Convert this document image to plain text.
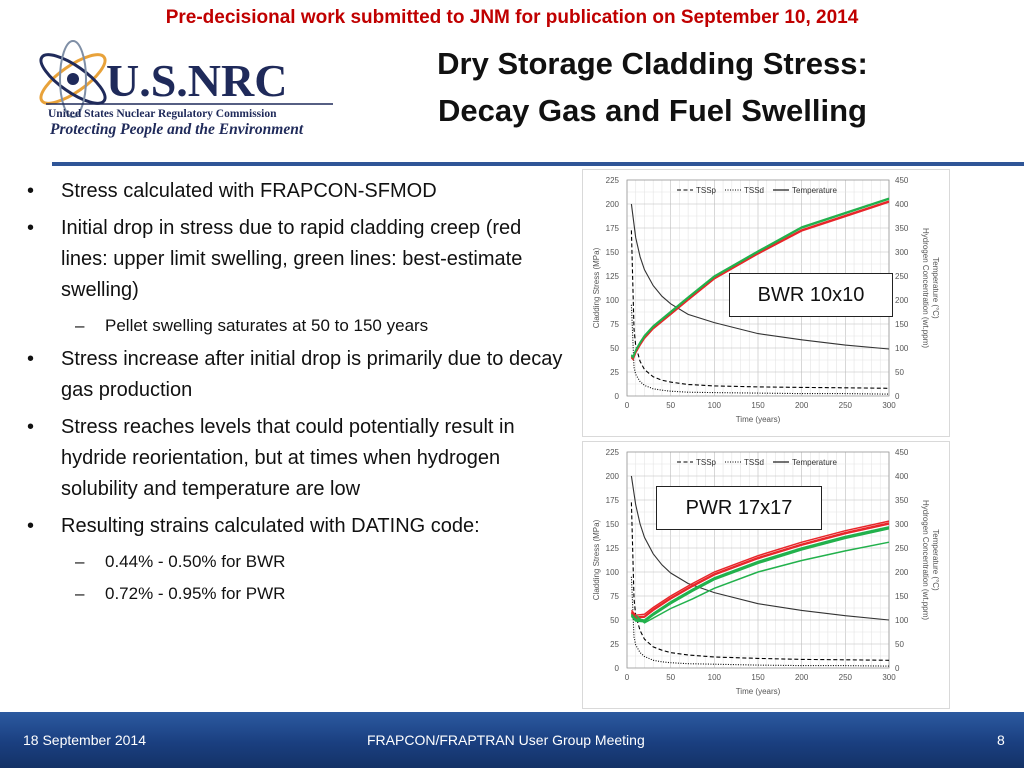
Pre-decisional work submitted to JNM for publication on September 10, 2014
U.S.NRC
United States Nuclear Regulatory Commission
Protecting People and the Environment
Dry Storage Cladding Stress:
Decay Gas and Fuel Swelling
• Stress calculated with FRAPCON-SFMOD
• Initial drop in stress due to rapid cladding creep (red lines: upper limit swelling, green lines: best-estimate swelling)
– Pellet swelling saturates at 50 to 150 years
• Stress increase after initial drop is primarily due to decay gas production
• Stress reaches levels that could potentially result in hydride reorientation, but at times when hydrogen solubility and temperature are low
• Resulting strains calculated with DATING code:
– 0.44% - 0.50% for BWR
– 0.72% - 0.95% for PWR
0	50	100	150	200	250	300
0
25
50
75
100
125
150
175
200
225
0
50
100
150
200
250
300
350
400
450
Time (years)
Cladding Stress (MPa)	Temperature (°C)
Hydrogen Concentration (wt.ppm)
TSSp	TSSd	Temperature
BWR 10x10
0	50	100	150	200	250	300
0
25
50
75
100
125
150
175
200
225
0
50
100
150
200
250
300
350
400
450
Time (years)
Cladding Stress (MPa)	Temperature (°C)
Hydrogen Concentration (wt.ppm)
TSSp	TSSd	Temperature
PWR 17x17
18 September 2014	FRAPCON/FRAPTRAN User Group Meeting	8
